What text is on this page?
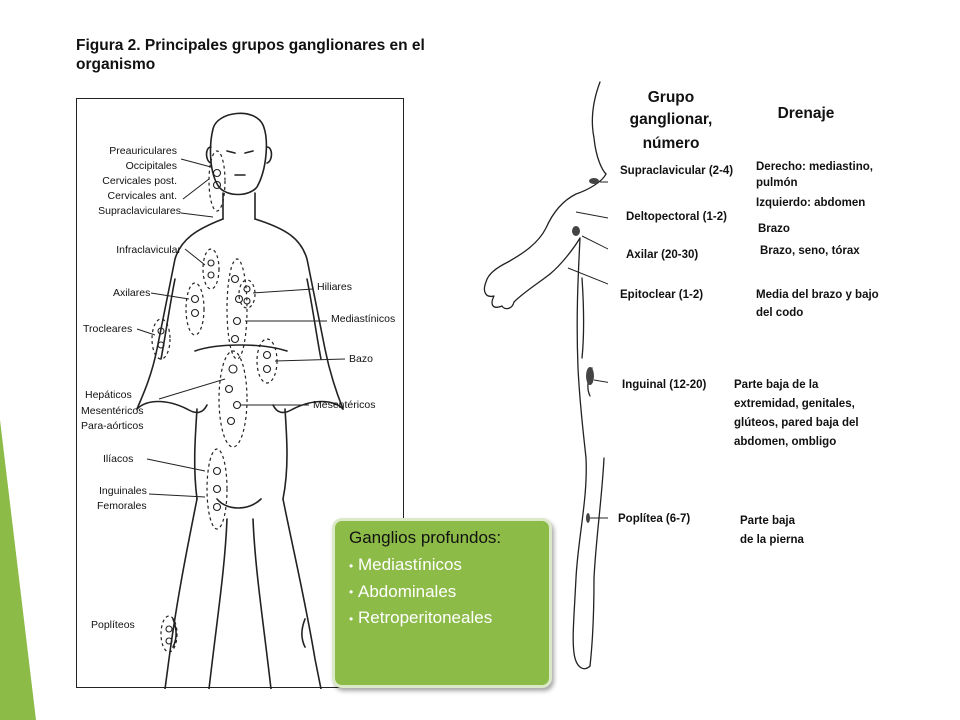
Figura 2. Principales grupos ganglionares en el organismo
Preauriculares
Occipitales
Cervicales post.
Cervicales ant.
Supraclaviculares
Infraclavicular
Axilares
Trocleares
Hepáticos
Mesentéricos
Para-aórticos
Ilíacos
Inguinales
Femorales
Poplíteos
Hiliares
Mediastínicos
Bazo
Mesentéricos
Grupo
ganglionar,
número
Drenaje
Supraclavicular (2-4)
Deltopectoral (1-2)
Axilar (20-30)
Epitoclear (1-2)
Inguinal (12-20)
Poplítea (6-7)
Derecho: mediastino,
pulmón
Izquierdo: abdomen
Brazo
Brazo, seno, tórax
Media del brazo y bajo
del codo
Parte baja de la
extremidad, genitales,
glúteos, pared baja del
abdomen, ombligo
Parte baja
de la pierna
Ganglios profundos:
• Mediastínicos
• Abdominales
• Retroperitoneales
